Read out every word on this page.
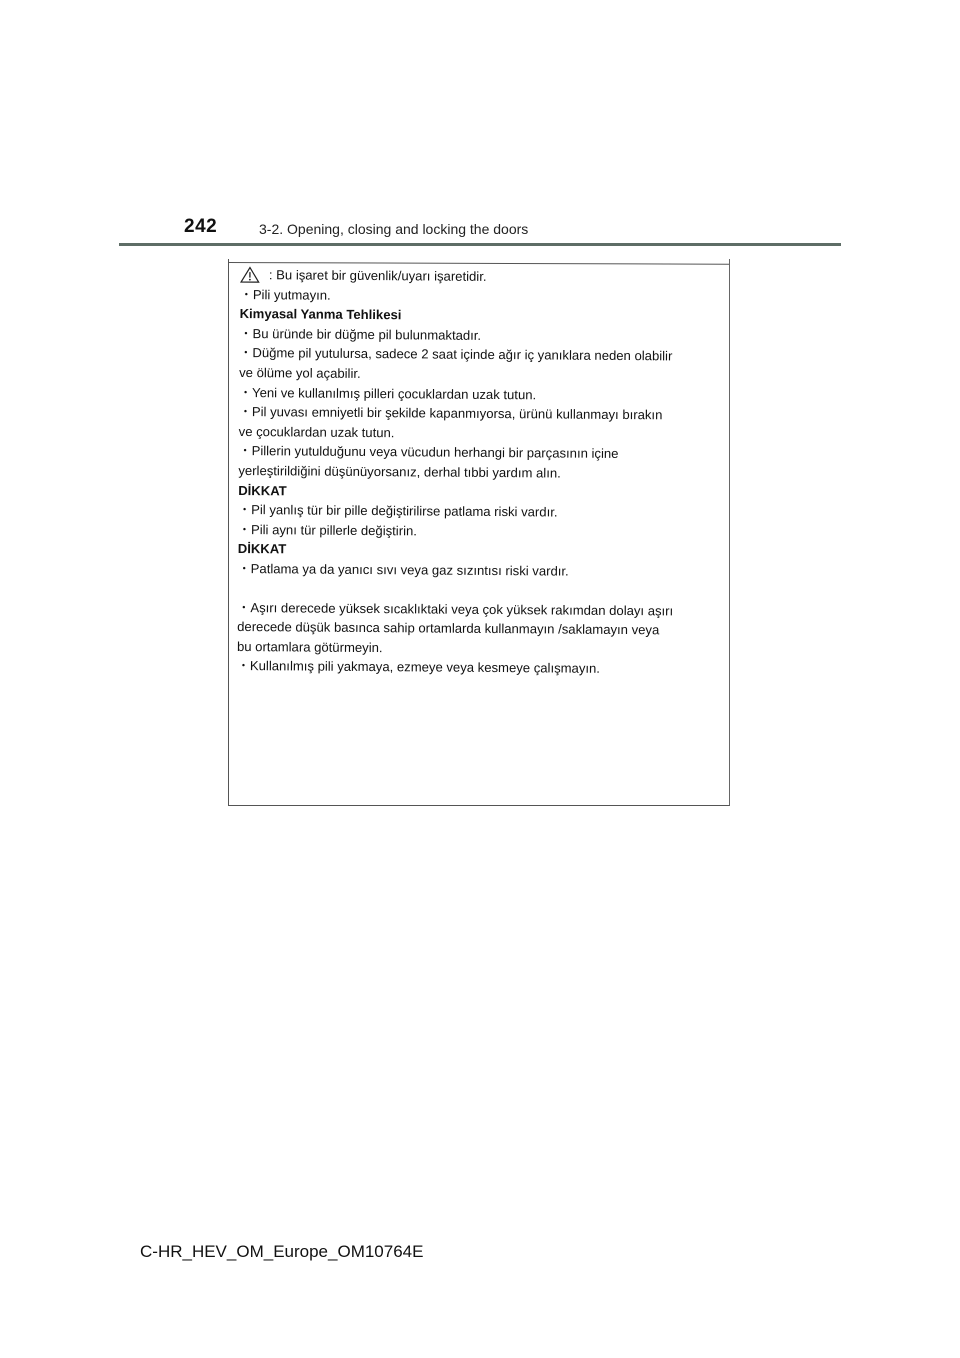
242	3-2. Opening, closing and locking the doors

: Bu işaret bir güvenlik/uyarı işaretidir.

・Pili yutmayın.

Kimyasal Yanma Tehlikesi

・Bu üründe bir düğme pil bulunmaktadır.

・Düğme pil yutulursa, sadece 2 saat içinde ağır iç yanıklara neden olabilir

ve ölüme yol açabilir.

・Yeni ve kullanılmış pilleri çocuklardan uzak tutun.

・Pil yuvası emniyetli bir şekilde kapanmıyorsa, ürünü kullanmayı bırakın

ve çocuklardan uzak tutun.

・Pillerin yutulduğunu veya vücudun herhangi bir parçasının içine

yerleştirildiğini düşünüyorsanız, derhal tıbbi yardım alın.

DİKKAT

・Pil yanlış tür bir pille değiştirilirse patlama riski vardır.

・Pili aynı tür pillerle değiştirin.

DİKKAT

・Patlama ya da yanıcı sıvı veya gaz sızıntısı riski vardır.

・Aşırı derecede yüksek sıcaklıktaki veya çok yüksek rakımdan dolayı aşırı

derecede düşük basınca sahip ortamlarda kullanmayın /saklamayın veya

bu ortamlara götürmeyin.

・Kullanılmış pili yakmaya, ezmeye veya kesmeye çalışmayın.

C-HR_HEV_OM_Europe_OM10764E
